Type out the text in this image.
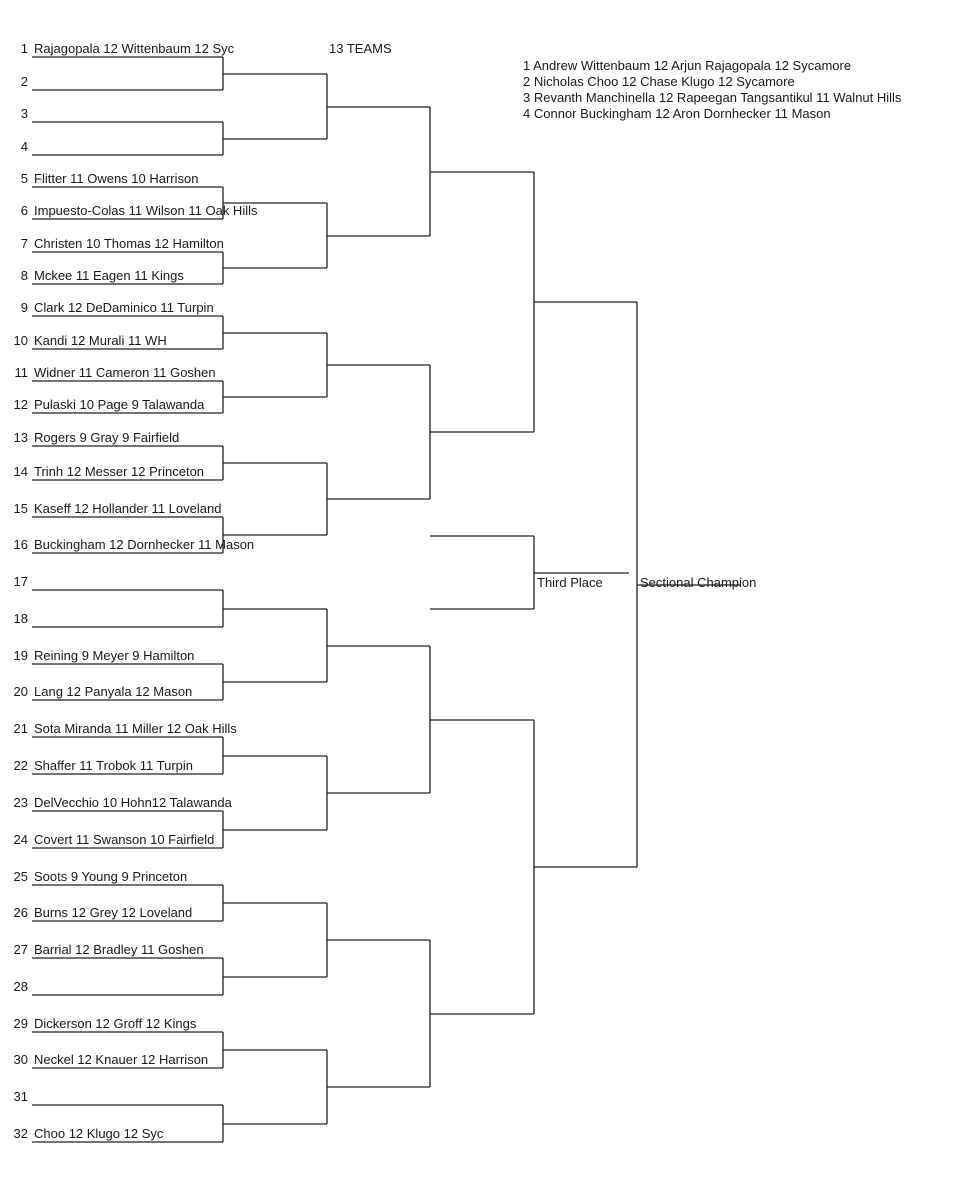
13 TEAMS
1 Andrew Wittenbaum 12 Arjun Rajagopala 12 Sycamore
2 Nicholas Choo 12 Chase Klugo 12 Sycamore
3 Revanth Manchinella 12 Rapeegan Tangsantikul 11 Walnut Hills
4 Connor Buckingham 12 Aron Dornhecker 11 Mason
1 Rajagopala 12 Wittenbaum 12 Syc
2
3
4
5 Flitter 11 Owens 10 Harrison
6 Impuesto-Colas 11 Wilson 11 Oak Hills
7 Christen 10 Thomas 12 Hamilton
8 Mckee 11 Eagen 11 Kings
9 Clark 12 DeDaminico 11 Turpin
10 Kandi 12 Murali 11 WH
11 Widner 11 Cameron 11 Goshen
12 Pulaski 10 Page 9 Talawanda
13 Rogers 9 Gray 9 Fairfield
14 Trinh 12 Messer 12 Princeton
15 Kaseff 12 Hollander 11 Loveland
16 Buckingham 12 Dornhecker 11 Mason
17
18
19 Reining 9 Meyer 9 Hamilton
20 Lang 12 Panyala 12 Mason
21 Sota Miranda 11 Miller 12 Oak Hills
22 Shaffer 11 Trobok 11 Turpin
23 DelVecchio 10 Hohn12 Talawanda
24 Covert 11 Swanson 10 Fairfield
25 Soots 9 Young 9 Princeton
26 Burns 12 Grey 12 Loveland
27 Barrial 12 Bradley 11 Goshen
28
29 Dickerson 12 Groff 12 Kings
30 Neckel 12 Knauer 12 Harrison
31
32 Choo 12 Klugo 12 Syc
Third Place	Sectional Champion
